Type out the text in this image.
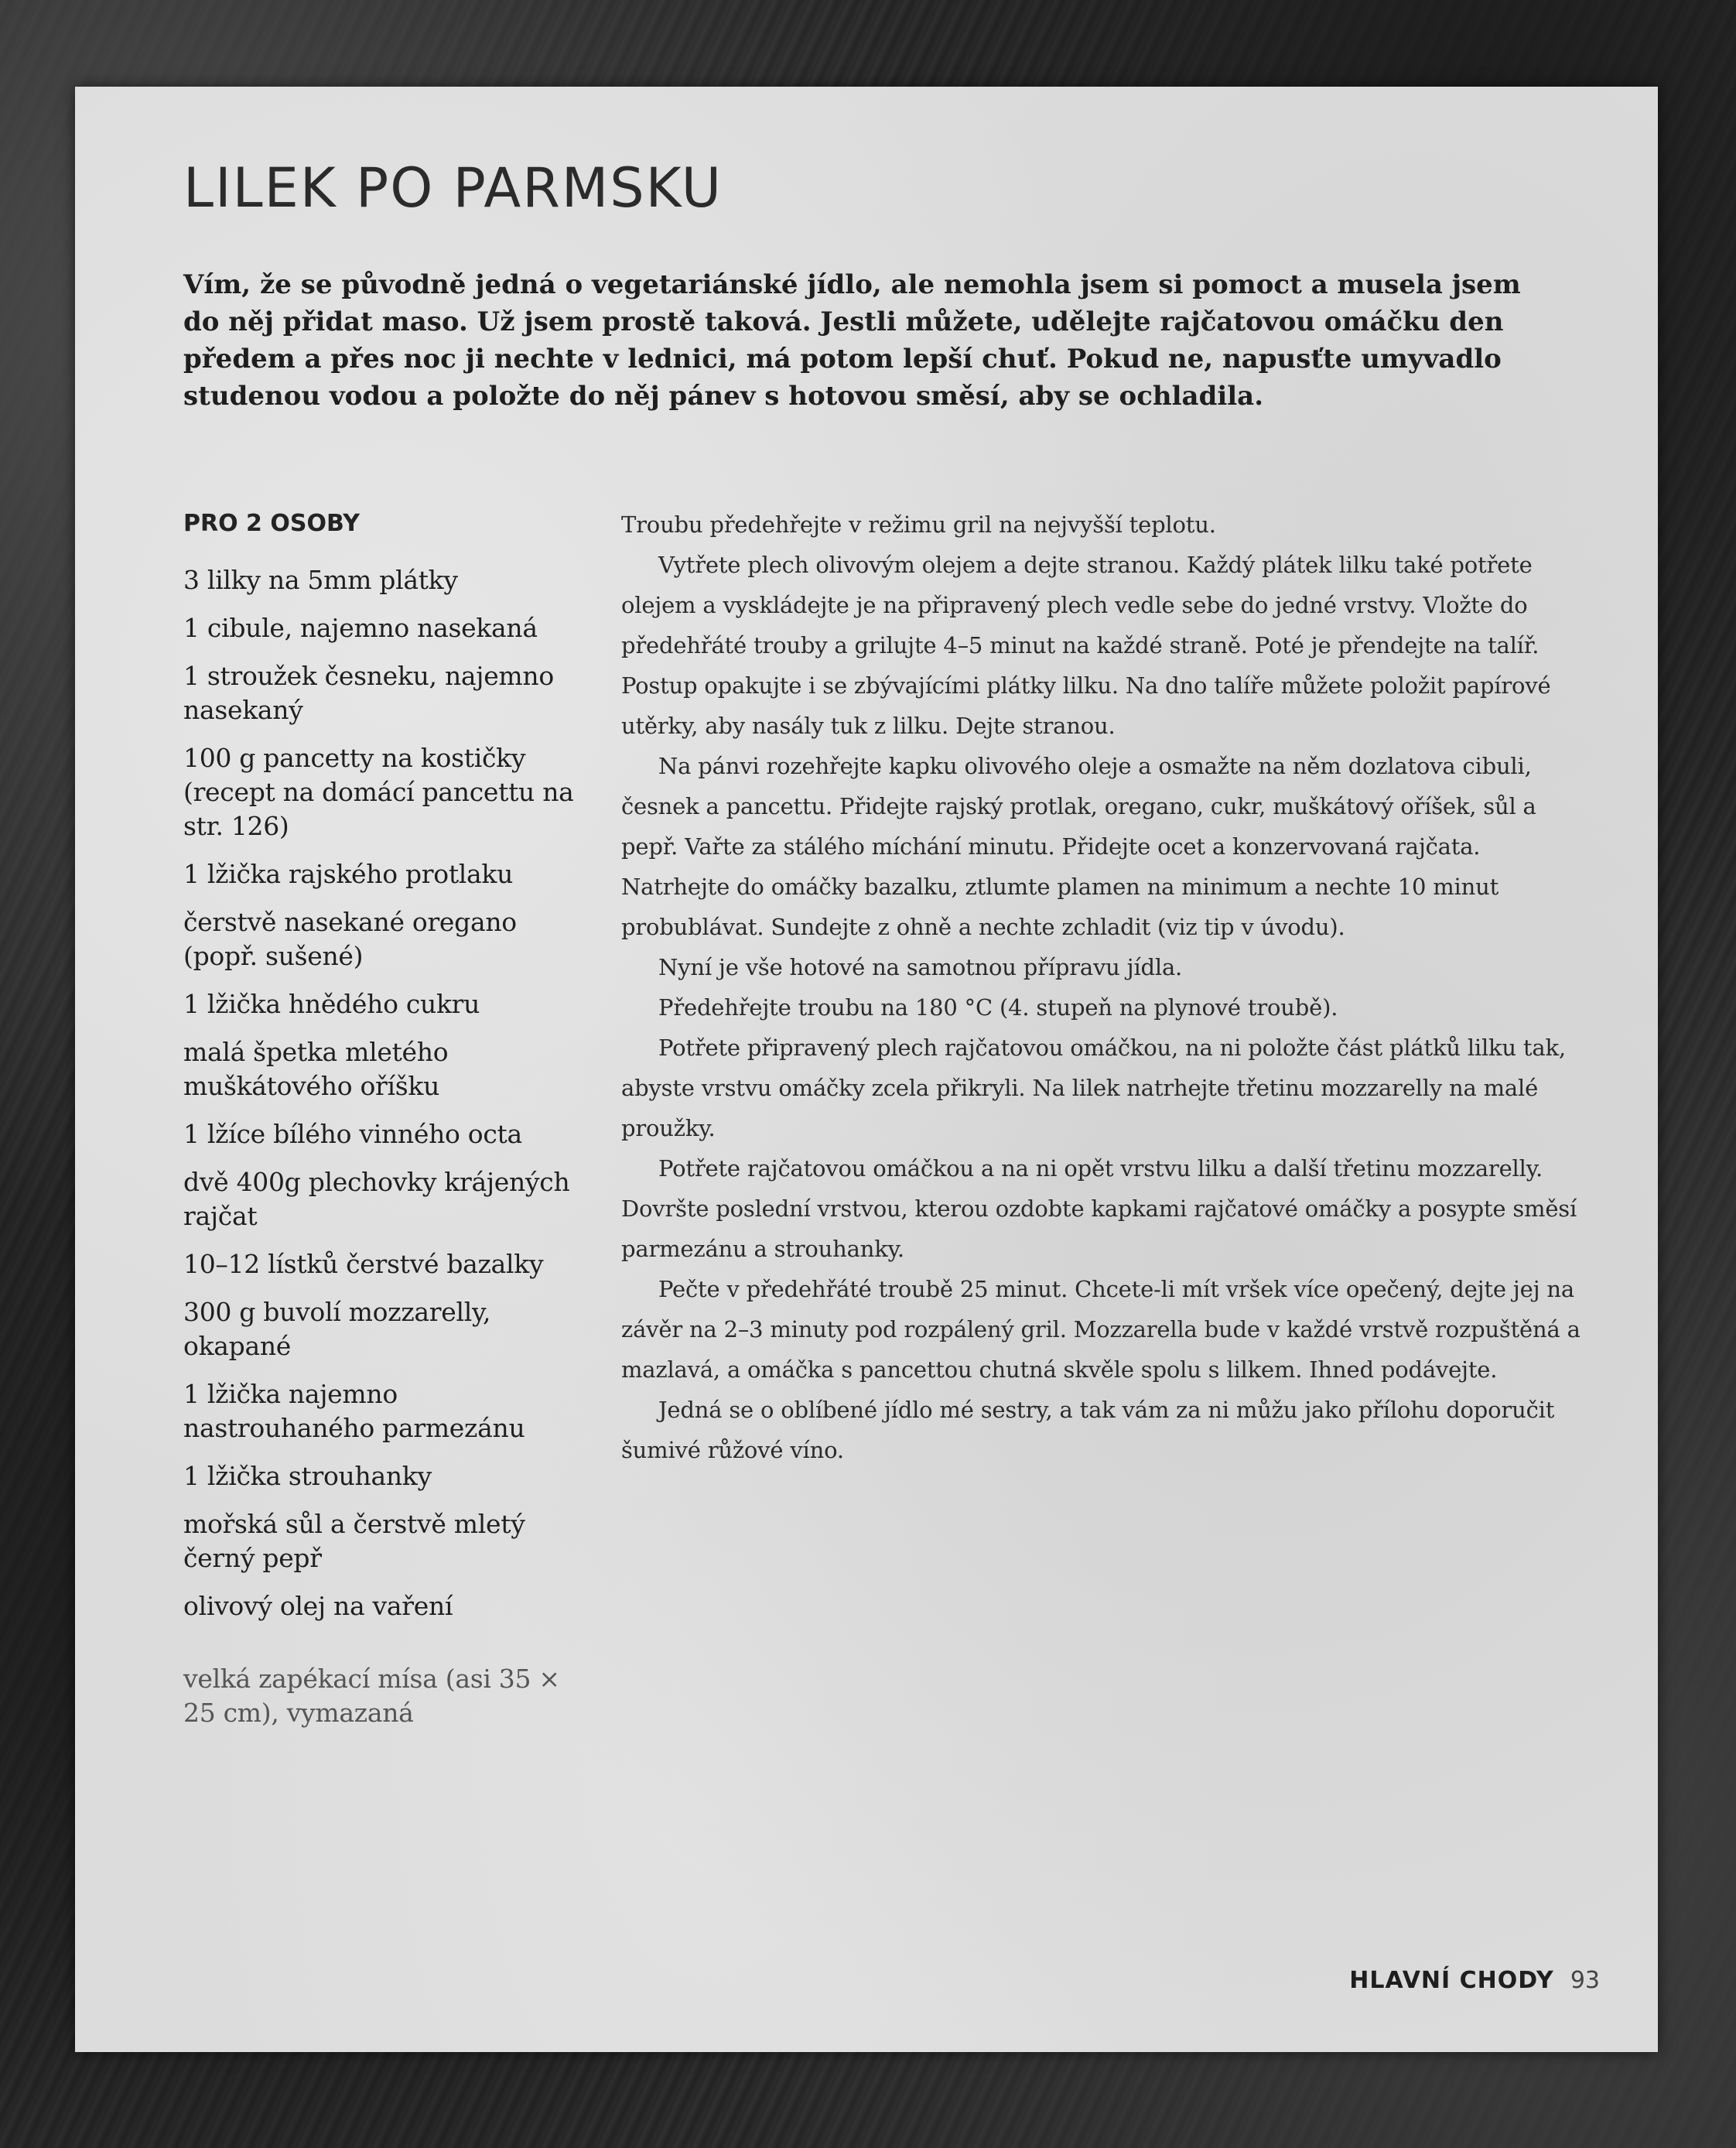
LILEK PO PARMSKU

Vím, že se původně jedná o vegetariánské jídlo, ale nemohla jsem si pomoct a musela jsem do něj přidat maso. Už jsem prostě taková. Jestli můžete, udělejte rajčatovou omáčku den předem a přes noc ji nechte v lednici, má potom lepší chuť. Pokud ne, napusťte umyvadlo studenou vodou a položte do něj pánev s hotovou směsí, aby se ochladila.

PRO 2 OSOBY

3 lilky na 5mm plátky
1 cibule, najemno nasekaná
1 stroužek česneku, najemno nasekaný
100 g pancetty na kostičky (recept na domácí pancettu na str. 126)
1 lžička rajského protlaku
čerstvě nasekané oregano (popř. sušené)
1 lžička hnědého cukru
malá špetka mletého muškátového oříšku
1 lžíce bílého vinného octa
dvě 400g plechovky krájených rajčat
10–12 lístků čerstvé bazalky
300 g buvolí mozzarelly, okapané
1 lžička najemno nastrouhaného parmezánu
1 lžička strouhanky
mořská sůl a čerstvě mletý černý pepř
olivový olej na vaření

velká zapékací mísa (asi 35 × 25 cm), vymazaná

Troubu předehřejte v režimu gril na nejvyšší teplotu.

Vytřete plech olivovým olejem a dejte stranou. Každý plátek lilku také potřete olejem a vyskládejte je na připravený plech vedle sebe do jedné vrstvy. Vložte do předehřáté trouby a grilujte 4–5 minut na každé straně. Poté je přendejte na talíř. Postup opakujte i se zbývajícími plátky lilku. Na dno talíře můžete položit papírové utěrky, aby nasály tuk z lilku. Dejte stranou.

Na pánvi rozehřejte kapku olivového oleje a osmažte na něm dozlatova cibuli, česnek a pancettu. Přidejte rajský protlak, oregano, cukr, muškátový oříšek, sůl a pepř. Vařte za stálého míchání minutu. Přidejte ocet a konzervovaná rajčata. Natrhejte do omáčky bazalku, ztlumte plamen na minimum a nechte 10 minut probublávat. Sundejte z ohně a nechte zchladit (viz tip v úvodu).

Nyní je vše hotové na samotnou přípravu jídla.

Předehřejte troubu na 180 °C (4. stupeň na plynové troubě).

Potřete připravený plech rajčatovou omáčkou, na ni položte část plátků lilku tak, abyste vrstvu omáčky zcela přikryli. Na lilek natrhejte třetinu mozzarelly na malé proužky.

Potřete rajčatovou omáčkou a na ni opět vrstvu lilku a další třetinu mozzarelly. Dovršte poslední vrstvou, kterou ozdobte kapkami rajčatové omáčky a posypte směsí parmezánu a strouhanky.

Pečte v předehřáté troubě 25 minut. Chcete-li mít vršek více opečený, dejte jej na závěr na 2–3 minuty pod rozpálený gril. Mozzarella bude v každé vrstvě rozpuštěná a mazlavá, a omáčka s pancettou chutná skvěle spolu s lilkem. Ihned podávejte.

Jedná se o oblíbené jídlo mé sestry, a tak vám za ni můžu jako přílohu doporučit šumivé růžové víno.

HLAVNÍ CHODY 93
